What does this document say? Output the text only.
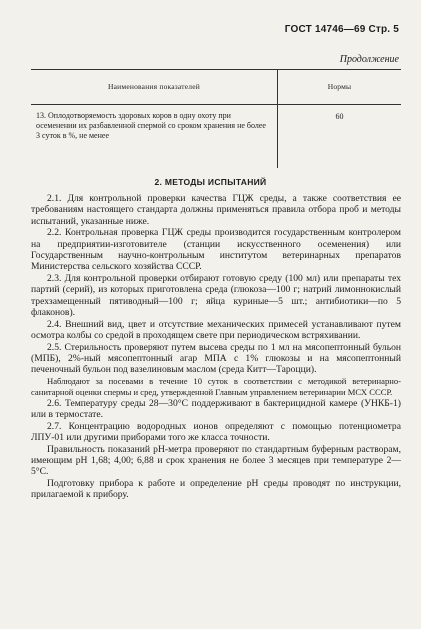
ГОСТ 14746—69 Стр. 5
Продолжение
Наименования показателей	Нормы
13. Оплодотворяемость здоровых коров в одну охоту при осеменении их разбавленной спермой со сроком хранения не более 3 суток в %, не менее
60
2. МЕТОДЫ ИСПЫТАНИЙ

2.1. Для контрольной проверки качества ГЦЖ среды, а также соответствия ее требованиям настоящего стандарта должны применяться правила отбора проб и методы испытаний, указанные ниже.

2.2. Контрольная проверка ГЦЖ среды производится государственным контролером на предприятии-изготовителе (станции искусственного осеменения) или Государственным научно-контрольным институтом ветеринарных препаратов Министерства сельского хозяйства СССР.

2.3. Для контрольной проверки отбирают готовую среду (100 мл) или препараты тех партий (серий), из которых приготовлена среда (глюкоза—100 г; натрий лимоннокислый трехзамещенный пятиводный—100 г; яйца куриные—5 шт.; антибиотики—по 5 флаконов).

2.4. Внешний вид, цвет и отсутствие механических примесей устанавливают путем осмотра колбы со средой в проходящем свете при периодическом встряхивании.

2.5. Стерильность проверяют путем высева среды по 1 мл на мясопептонный бульон (МПБ), 2%-ный мясопептонный агар МПА с 1% глюкозы и на мясопептонный печеночный бульон под вазелиновым маслом (среда Китт—Тароцци).

Наблюдают за посевами в течение 10 суток в соответствии с методикой ветеринарно-санитарной оценки спермы и сред, утвержденной Главным управлением ветеринарии МСХ СССР.

2.6. Температуру среды 28—30°С поддерживают в бактерицидной камере (УНКБ-1) или в термостате.

2.7. Концентрацию водородных ионов определяют с помощью потенциометра ЛПУ-01 или другими приборами того же класса точности.

Правильность показаний рН-метра проверяют по стандартным буферным растворам, имеющим рН 1,68; 4,00; 6,88 и срок хранения не более 3 месяцев при температуре 2—5°С.

Подготовку прибора к работе и определение рН среды проводят по инструкции, прилагаемой к прибору.
